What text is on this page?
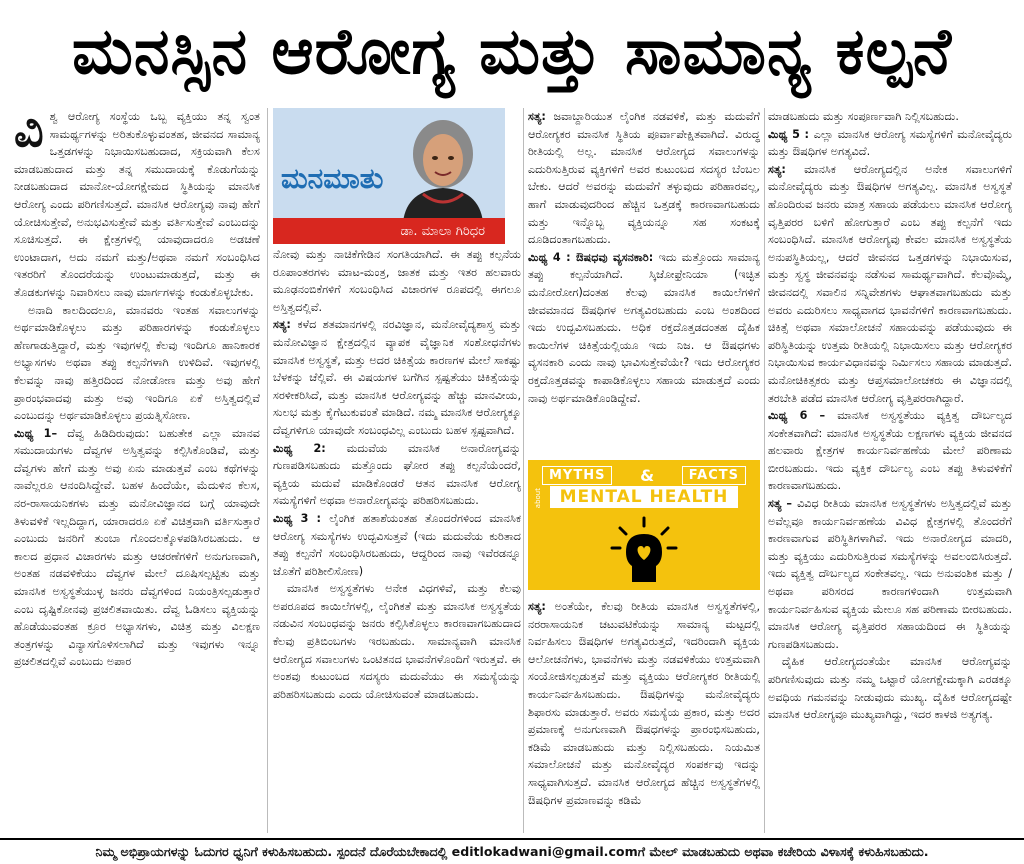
ಮನಸ್ಸಿನ ಆರೋಗ್ಯ ಮತ್ತು ಸಾಮಾನ್ಯ ಕಲ್ಪನೆ

ವಿಶ್ವ ಆರೋಗ್ಯ ಸಂಸ್ಥೆಯ ಒಬ್ಬ ವ್ಯಕ್ತಿಯು ತನ್ನ ಸ್ವಂತ ಸಾಮರ್ಥ್ಯಗಳನ್ನು ಅರಿತುಕೊಳ್ಳುವಂತಹ, ಜೀವನದ ಸಾಮಾನ್ಯ ಒತ್ತಡಗಳನ್ನು ನಿಭಾಯಿಸಬಹುದಾದ, ಸಕ್ರಿಯವಾಗಿ ಕೆಲಸ ಮಾಡಬಹುದಾದ ಮತ್ತು ತನ್ನ ಸಮುದಾಯಕ್ಕೆ ಕೊಡುಗೆಯನ್ನು ನೀಡಬಹುದಾದ ಮಾನೋ-ಯೋಗಕ್ಷೇಮದ ಸ್ಥಿತಿಯನ್ನು ಮಾನಸಿಕ ಆರೋಗ್ಯ ಎಂದು ಪರಿಗಣಿಸುತ್ತದೆ. ಮಾನಸಿಕ ಆರೋಗ್ಯವು ನಾವು ಹೇಗೆ ಯೋಚಿಸುತ್ತೇವೆ, ಅನುಭವಿಸುತ್ತೇವೆ ಮತ್ತು ವರ್ತಿಸುತ್ತೇವೆ ಎಂಬುದನ್ನು ಸೂಚಿಸುತ್ತದೆ. ಈ ಕ್ಷೇತ್ರಗಳಲ್ಲಿ ಯಾವುದಾದರೂ ಅಡಚಣೆ ಉಂಟಾದಾಗ, ಅದು ನಮಗೆ ಮತ್ತು/ಅಥವಾ ನಮಗೆ ಸಂಬಂಧಿಸಿದ ಇತರರಿಗೆ ತೊಂದರೆಯನ್ನು ಉಂಟುಮಾಡುತ್ತದೆ, ಮತ್ತು ಈ ತೊಡಕುಗಳನ್ನು ನಿವಾರಿಸಲು ನಾವು ಮಾರ್ಗಗಳನ್ನು ಕಂಡುಕೊಳ್ಳಬೇಕು.

ಅನಾದಿ ಕಾಲದಿಂದಲೂ, ಮಾನವರು ಇಂತಹ ಸವಾಲುಗಳನ್ನು ಅರ್ಥಮಾಡಿಕೊಳ್ಳಲು ಮತ್ತು ಪರಿಹಾರಗಳನ್ನು ಕಂಡುಕೊಳ್ಳಲು ಹೆಣಗಾಡುತ್ತಿದ್ದಾರೆ, ಮತ್ತು ಇವುಗಳಲ್ಲಿ ಕೆಲವು ಇಂದಿಗೂ ಹಾನಿಕಾರಕ ಅಭ್ಯಾಸಗಳು ಅಥವಾ ತಪ್ಪು ಕಲ್ಪನೆಗಳಾಗಿ ಉಳಿದಿವೆ. ಇವುಗಳಲ್ಲಿ ಕೆಲವನ್ನು ನಾವು ಹತ್ತಿರದಿಂದ ನೋಡೋಣ ಮತ್ತು ಅವು ಹೇಗೆ ಪ್ರಾರಂಭವಾದವು ಮತ್ತು ಅವು ಇಂದಿಗೂ ಏಕೆ ಅಸ್ತಿತ್ವದಲ್ಲಿವೆ ಎಂಬುದನ್ನು ಅರ್ಥಮಾಡಿಕೊಳ್ಳಲು ಪ್ರಯತ್ನಿಸೋಣ.

ಮಿಥ್ಯ 1– ದೆವ್ವ ಹಿಡಿದಿರುವುದು: ಬಹುತೇಕ ಎಲ್ಲಾ ಮಾನವ ಸಮುದಾಯಗಳು ದೆವ್ವಗಳ ಅಸ್ತಿತ್ವವನ್ನು ಕಲ್ಪಿಸಿಕೊಂಡಿವೆ, ಮತ್ತು ದೆವ್ವಗಳು ಹೇಗೆ ಮತ್ತು ಅವು ಏನು ಮಾಡುತ್ತವೆ ಎಂಬ ಕಥೆಗಳನ್ನು ನಾವೆಲ್ಲರೂ ಆನಂದಿಸಿದ್ದೇವೆ. ಬಹಳ ಹಿಂದೆಯೇ, ಮೆದುಳಿನ ಕೆಲಸ, ನರ-ರಾಸಾಯನಿಕಗಳು ಮತ್ತು ಮನೋವಿಜ್ಞಾನದ ಬಗ್ಗೆ ಯಾವುದೇ ತಿಳುವಳಿಕೆ ಇಲ್ಲದಿದ್ದಾಗ, ಯಾರಾದರೂ ಏಕೆ ವಿಚಿತ್ರವಾಗಿ ವರ್ತಿಸುತ್ತಾರೆ ಎಂಬುದು ಜನರಿಗೆ ತುಂಬಾ ಗೊಂದಲಕ್ಕೊಳಪಡಿಸಿರಬಹುದು. ಆ ಕಾಲದ ಪ್ರಧಾನ ವಿಚಾರಗಳು ಮತ್ತು ಆಚರಣೆಗಳಿಗೆ ಅನುಗುಣವಾಗಿ, ಅಂತಹ ನಡವಳಿಕೆಯು ದೆವ್ವಗಳ ಮೇಲೆ ದೂಷಿಸಲ್ಪಟ್ಟಿತು ಮತ್ತು ಮಾನಸಿಕ ಅಸ್ವಸ್ಥತೆಯುಳ್ಳ ಜನರು ದೆವ್ವಗಳಿಂದ ನಿಯಂತ್ರಿಸಲ್ಪಡುತ್ತಾರೆ ಎಂಬ ದೃಷ್ಟಿಕೋನವು ಪ್ರಚಲಿತವಾಯಿತು. ದೆವ್ವ ಓಡಿಸಲು ವ್ಯಕ್ತಿಯನ್ನು ಹೊಡೆಯುವಂತಹ ಕ್ರೂರ ಅಭ್ಯಾಸಗಳು, ವಿಚಿತ್ರ ಮತ್ತು ವಿಲಕ್ಷಣ ತಂತ್ರಗಳನ್ನು ವಿನ್ಯಾಸಗೊಳಿಸಲಾಗಿದೆ ಮತ್ತು ಇವುಗಳು ಇನ್ನೂ ಪ್ರಚಲಿತದಲ್ಲಿವೆ ಎಂಬುದು ಅಪಾರ

ಮನಮಾತು
ಡಾ. ಮಾಲಾ ಗಿರಿಧರ

ನೋವು ಮತ್ತು ನಾಚಿಕೆಗೇಡಿನ ಸಂಗತಿಯಾಗಿದೆ. ಈ ತಪ್ಪು ಕಲ್ಪನೆಯ ರೂಪಾಂತರಗಳು ಮಾಟ-ಮಂತ್ರ, ಜಾತಕ ಮತ್ತು ಇತರ ಹಲವಾರು ಮೂಢನಂಬಿಕೆಗಳಿಗೆ ಸಂಬಂಧಿಸಿದ ವಿಚಾರಗಳ ರೂಪದಲ್ಲಿ ಈಗಲೂ ಅಸ್ತಿತ್ವದಲ್ಲಿವೆ.

ಸತ್ಯ: ಕಳೆದ ಶತಮಾನಗಳಲ್ಲಿ ನರವಿಜ್ಞಾನ, ಮನೋವೈದ್ಯಶಾಸ್ತ್ರ ಮತ್ತು ಮನೋವಿಜ್ಞಾನ ಕ್ಷೇತ್ರದಲ್ಲಿನ ವ್ಯಾಪಕ ವೈಜ್ಞಾನಿಕ ಸಂಶೋಧನೆಗಳು ಮಾನಸಿಕ ಅಸ್ವಸ್ಥತೆ, ಮತ್ತು ಅದರ ಚಿಕಿತ್ಸೆಯ ಕಾರಣಗಳ ಮೇಲೆ ಸಾಕಷ್ಟು ಬೆಳಕನ್ನು ಚೆಲ್ಲಿವೆ. ಈ ವಿಷಯಗಳ ಬಗೆಗಿನ ಸ್ಪಷ್ಟತೆಯು ಚಿಕಿತ್ಸೆಯನ್ನು ಸರಳೀಕರಿಸಿದೆ, ಮತ್ತು ಮಾನಸಿಕ ಆರೋಗ್ಯವನ್ನು ಹೆಚ್ಚು ಮಾನವೀಯ, ಸುಲಭ ಮತ್ತು ಕೈಗೆಟುಕುವಂತೆ ಮಾಡಿದೆ. ನಮ್ಮ ಮಾನಸಿಕ ಆರೋಗ್ಯಕ್ಕೂ ದೆವ್ವಗಳಿಗೂ ಯಾವುದೇ ಸಂಬಂಧವಿಲ್ಲ ಎಂಬುದು ಬಹಳ ಸ್ಪಷ್ಟವಾಗಿದೆ.

ಮಿಥ್ಯ 2: ಮದುವೆಯ ಮಾನಸಿಕ ಅನಾರೋಗ್ಯವನ್ನು ಗುಣಪಡಿಸಬಹುದು ಮತ್ತೊಂದು ಘೋರ ತಪ್ಪು ಕಲ್ಪನೆಯೆಂದರೆ, ವ್ಯಕ್ತಿಯ ಮದುವೆ ಮಾಡಿಕೊಂಡರೆ ಆತನ ಮಾನಸಿಕ ಆರೋಗ್ಯ ಸಮಸ್ಯೆಗಳಿಗೆ ಅಥವಾ ಅನಾರೋಗ್ಯವನ್ನು ಪರಿಹರಿಸಬಹುದು.

ಮಿಥ್ಯ 3 : ಲೈಂಗಿಕ ಹತಾಶೆಯಂತಹ ತೊಂದರೆಗಳಿಂದ ಮಾನಸಿಕ ಆರೋಗ್ಯ ಸಮಸ್ಯೆಗಳು ಉದ್ಭವಿಸುತ್ತವೆ (ಇದು ಮದುವೆಯ ಕುರಿತಾದ ತಪ್ಪು ಕಲ್ಪನೆಗೆ ಸಂಬಂಧಿಸಿರಬಹುದು, ಆದ್ದರಿಂದ ನಾವು ಇವೆರಡನ್ನೂ ಜೊತೆಗೆ ಪರಿಶೀಲಿಸೋಣ)

ಮಾನಸಿಕ ಅಸ್ವಸ್ಥತೆಗಳು ಅನೇಕ ವಿಧಗಳಿವೆ, ಮತ್ತು ಕೆಲವು ಅಪರೂಪದ ಕಾಯಿಲೆಗಳಲ್ಲಿ, ಲೈಂಗಿಕತೆ ಮತ್ತು ಮಾನಸಿಕ ಅಸ್ವಸ್ಥತೆಯ ನಡುವಿನ ಸಂಬಂಧವನ್ನು ಜನರು ಕಲ್ಪಿಸಿಕೊಳ್ಳಲು ಕಾರಣವಾಗಬಹುದಾದ ಕೆಲವು ಪ್ರತಿಬಿಂಬಗಳು ಇರಬಹುದು. ಸಾಮಾನ್ಯವಾಗಿ ಮಾನಸಿಕ ಆರೋಗ್ಯದ ಸವಾಲುಗಳು ಒಂಟಿತನದ ಭಾವನೆಗಳೊಂದಿಗೆ ಇರುತ್ತವೆ. ಈ ಅಂಶವು ಕುಟುಂಬದ ಸದಸ್ಯರು ಮದುವೆಯು ಈ ಸಮಸ್ಯೆಯನ್ನು ಪರಿಹರಿಸಬಹುದು ಎಂದು ಯೋಚಿಸುವಂತೆ ಮಾಡಬಹುದು.

ಸತ್ಯ: ಜವಾಬ್ದಾರಿಯುತ ಲೈಂಗಿಕ ನಡವಳಿಕೆ, ಮತ್ತು ಮದುವೆಗೆ ಆರೋಗ್ಯಕರ ಮಾನಸಿಕ ಸ್ಥಿತಿಯ ಪೂರ್ವಾಪೇಕ್ಷಿತವಾಗಿದೆ. ವಿರುದ್ಧ ರೀತಿಯಲ್ಲಿ ಅಲ್ಲ. ಮಾನಸಿಕ ಆರೋಗ್ಯದ ಸವಾಲುಗಳನ್ನು ಎದುರಿಸುತ್ತಿರುವ ವ್ಯಕ್ತಿಗಳಿಗೆ ಅವರ ಕುಟುಂಬದ ಸದಸ್ಯರ ಬೆಂಬಲ ಬೇಕು. ಆದರೆ ಅವರನ್ನು ಮದುವೆಗೆ ತಳ್ಳುವುದು ಪರಿಹಾರವಲ್ಲ, ಹಾಗೆ ಮಾಡುವುದರಿಂದ ಹೆಚ್ಚಿನ ಒತ್ತಡಕ್ಕೆ ಕಾರಣವಾಗಬಹುದು ಮತ್ತು ಇನ್ನೊಬ್ಬ ವ್ಯಕ್ತಿಯನ್ನೂ ಸಹ ಸಂಕಟಕ್ಕೆ ದೂಡಿದಂತಾಗಬಹುದು.

ಮಿಥ್ಯ 4 : ಔಷಧವು ವ್ಯಸನಕಾರಿ: ಇದು ಮತ್ತೊಂದು ಸಾಮಾನ್ಯ ತಪ್ಪು ಕಲ್ಪನೆಯಾಗಿದೆ. ಸ್ಕಿಜೋಫ್ರೇನಿಯಾ (ಇಚ್ಛಿತ ಮನೋರೋಗ)ದಂತಹ ಕೆಲವು ಮಾನಸಿಕ ಕಾಯಿಲೆಗಳಿಗೆ ಜೀವಮಾನದ ಔಷಧಿಗಳ ಅಗತ್ಯವಿರಬಹುದು ಎಂಬ ಅಂಶದಿಂದ ಇದು ಉದ್ಭವಿಸಬಹುದು. ಅಧಿಕ ರಕ್ತದೊತ್ತಡದಂತಹ ದೈಹಿಕ ಕಾಯಿಲೆಗಳ ಚಿಕಿತ್ಸೆಯಲ್ಲಿಯೂ ಇದು ನಿಜ. ಆ ಔಷಧಗಳು ವ್ಯಸನಕಾರಿ ಎಂದು ನಾವು ಭಾವಿಸುತ್ತೇವೆಯೇ? ಇದು ಆರೋಗ್ಯಕರ ರಕ್ತದೊತ್ತಡವನ್ನು ಕಾಪಾಡಿಕೊಳ್ಳಲು ಸಹಾಯ ಮಾಡುತ್ತದೆ ಎಂದು ನಾವು ಅರ್ಥಮಾಡಿಕೊಂಡಿದ್ದೇವೆ.

ಸತ್ಯ: ಅಂತೆಯೇ, ಕೆಲವು ರೀತಿಯ ಮಾನಸಿಕ ಅಸ್ವಸ್ಥತೆಗಳಲ್ಲಿ, ನರರಾಸಾಯನಿಕ ಚಟುವಟಿಕೆಯನ್ನು ಸಾಮಾನ್ಯ ಮಟ್ಟದಲ್ಲಿ ನಿರ್ವಹಿಸಲು ಔಷಧಿಗಳ ಅಗತ್ಯವಿರುತ್ತದೆ, ಇದರಿಂದಾಗಿ ವ್ಯಕ್ತಿಯ ಆಲೋಚನೆಗಳು, ಭಾವನೆಗಳು ಮತ್ತು ನಡವಳಿಕೆಯು ಉತ್ತಮವಾಗಿ ಸಂಯೋಜಿಸಲ್ಪಡುತ್ತವೆ ಮತ್ತು ವ್ಯಕ್ತಿಯು ಆರೋಗ್ಯಕರ ರೀತಿಯಲ್ಲಿ ಕಾರ್ಯನಿರ್ವಹಿಸಬಹುದು. ಔಷಧಿಗಳನ್ನು ಮನೋವೈದ್ಯರು ಶಿಫಾರಸು ಮಾಡುತ್ತಾರೆ. ಅವರು ಸಮಸ್ಯೆಯ ಪ್ರಕಾರ, ಮತ್ತು ಅದರ ಪ್ರಮಾಣಕ್ಕೆ ಅನುಗುಣವಾಗಿ ಔಷಧಗಳನ್ನು ಪ್ರಾರಂಭಿಸಬಹುದು, ಕಡಿಮೆ ಮಾಡಬಹುದು ಮತ್ತು ನಿಲ್ಲಿಸಬಹುದು. ನಿಯಮಿತ ಸಮಾಲೋಚನೆ ಮತ್ತು ಮನೋವೈದ್ಯರ ಸಂಪರ್ಕವು ಇದನ್ನು ಸಾಧ್ಯವಾಗಿಸುತ್ತದೆ. ಮಾನಸಿಕ ಆರೋಗ್ಯದ ಹೆಚ್ಚಿನ ಅಸ್ವಸ್ಥತೆಗಳಲ್ಲಿ ಔಷಧಿಗಳ ಪ್ರಮಾಣವನ್ನು ಕಡಿಮೆ

MYTHS	&	FACTS
about	MENTAL HEALTH

ಮಾಡಬಹುದು ಮತ್ತು ಸಂಪೂರ್ಣವಾಗಿ ನಿಲ್ಲಿಸಬಹುದು.

ಮಿಥ್ಯ 5 : ಎಲ್ಲಾ ಮಾನಸಿಕ ಆರೋಗ್ಯ ಸಮಸ್ಯೆಗಳಿಗೆ ಮನೋವೈದ್ಯರು ಮತ್ತು ಔಷಧಿಗಳ ಅಗತ್ಯವಿದೆ.

ಸತ್ಯ: ಮಾನಸಿಕ ಆರೋಗ್ಯದಲ್ಲಿನ ಅನೇಕ ಸವಾಲುಗಳಿಗೆ ಮನೋವೈದ್ಯರು ಮತ್ತು ಔಷಧಿಗಳ ಅಗತ್ಯವಿಲ್ಲ. ಮಾನಸಿಕ ಅಸ್ವಸ್ಥತೆ ಹೊಂದಿರುವ ಜನರು ಮಾತ್ರ ಸಹಾಯ ಪಡೆಯಲು ಮಾನಸಿಕ ಆರೋಗ್ಯ ವೃತ್ತಿಪರರ ಬಳಿಗೆ ಹೋಗುತ್ತಾರೆ ಎಂಬ ತಪ್ಪು ಕಲ್ಪನೆಗೆ ಇದು ಸಂಬಂಧಿಸಿದೆ. ಮಾನಸಿಕ ಆರೋಗ್ಯವು ಕೇವಲ ಮಾನಸಿಕ ಅಸ್ವಸ್ಥತೆಯ ಅನುಪಸ್ಥಿತಿಯಲ್ಲ, ಆದರೆ ಜೀವನದ ಒತ್ತಡಗಳನ್ನು ನಿಭಾಯಿಸುವ, ಮತ್ತು ಸ್ವಸ್ಥ ಜೀವನವನ್ನು ನಡೆಸುವ ಸಾಮರ್ಥ್ಯವಾಗಿದೆ. ಕೆಲವೊಮ್ಮೆ, ಜೀವನದಲ್ಲಿ ಸವಾಲಿನ ಸನ್ನಿವೇಶಗಳು ಆಘಾತವಾಗಬಹುದು ಮತ್ತು ಅವರು ಎದುರಿಸಲು ಸಾಧ್ಯವಾಗದ ಭಾವನೆಗಳಿಗೆ ಕಾರಣವಾಗಬಹುದು. ಚಿಕಿತ್ಸೆ ಅಥವಾ ಸಮಾಲೋಚನೆ ಸಹಾಯವನ್ನು ಪಡೆಯುವುದು ಈ ಪರಿಸ್ಥಿತಿಯನ್ನು ಉತ್ತಮ ರೀತಿಯಲ್ಲಿ ನಿಭಾಯಿಸಲು ಮತ್ತು ಆರೋಗ್ಯಕರ ನಿಭಾಯಿಸುವ ಕಾರ್ಯವಿಧಾನವನ್ನು ನಿರ್ಮಿಸಲು ಸಹಾಯ ಮಾಡುತ್ತದೆ. ಮನೋಚಿಕಿತ್ಸಕರು ಮತ್ತು ಆಪ್ತಸಮಾಲೋಚಕರು ಈ ವಿಜ್ಞಾನದಲ್ಲಿ ತರಬೇತಿ ಪಡೆದ ಮಾನಸಿಕ ಆರೋಗ್ಯ ವೃತ್ತಿಪರರಾಗಿದ್ದಾರೆ.

ಮಿಥ್ಯ 6 – ಮಾನಸಿಕ ಅಸ್ವಸ್ಥತೆಯು ವ್ಯಕ್ತಿತ್ವ ದೌರ್ಬಲ್ಯದ ಸಂಕೇತವಾಗಿದೆ: ಮಾನಸಿಕ ಅಸ್ವಸ್ಥತೆಯ ಲಕ್ಷಣಗಳು ವ್ಯಕ್ತಿಯ ಜೀವನದ ಹಲವಾರು ಕ್ಷೇತ್ರಗಳ ಕಾರ್ಯನಿರ್ವಹಣೆಯ ಮೇಲೆ ಪರಿಣಾಮ ಬೀರಬಹುದು. ಇದು ವ್ಯಕ್ತಿಕ ದೌರ್ಬಲ್ಯ ಎಂಬ ತಪ್ಪು ತಿಳುವಳಿಕೆಗೆ ಕಾರಣವಾಗಬಹುದು.

ಸತ್ಯ – ವಿವಿಧ ರೀತಿಯ ಮಾನಸಿಕ ಅಸ್ವಸ್ಥತೆಗಳು ಅಸ್ತಿತ್ವದಲ್ಲಿವೆ ಮತ್ತು ಅವೆಲ್ಲವೂ ಕಾರ್ಯನಿರ್ವಹಣೆಯ ವಿವಿಧ ಕ್ಷೇತ್ರಗಳಲ್ಲಿ ತೊಂದರೆಗೆ ಕಾರಣವಾಗುವ ಪರಿಸ್ಥಿತಿಗಳಾಗಿವೆ. ಇದು ಅನಾರೋಗ್ಯದ ಮಾದರಿ, ಮತ್ತು ವ್ಯಕ್ತಿಯು ಎದುರಿಸುತ್ತಿರುವ ಸಮಸ್ಯೆಗಳನ್ನು ಅವಲಂಬಿಸಿರುತ್ತದೆ. ಇದು ವ್ಯಕ್ತಿತ್ವ ದೌರ್ಬಲ್ಯದ ಸಂಕೇತವಲ್ಲ. ಇದು ಅನುವಂಶಿಕ ಮತ್ತು / ಅಥವಾ ಪರಿಸರದ ಕಾರಣಗಳಿಂದಾಗಿ ಉತ್ತಮವಾಗಿ ಕಾರ್ಯನಿರ್ವಹಿಸುವ ವ್ಯಕ್ತಿಯ ಮೇಲೂ ಸಹ ಪರಿಣಾಮ ಬೀರಬಹುದು. ಮಾನಸಿಕ ಆರೋಗ್ಯ ವೃತ್ತಿಪರರ ಸಹಾಯದಿಂದ ಈ ಸ್ಥಿತಿಯನ್ನು ಗುಣಪಡಿಸಬಹುದು.

ದೈಹಿಕ ಆರೋಗ್ಯದಂತೆಯೇ ಮಾನಸಿಕ ಆರೋಗ್ಯವನ್ನು ಪರಿಗಣಿಸುವುದು ಮತ್ತು ನಮ್ಮ ಒಟ್ಟಾರೆ ಯೋಗಕ್ಷೇಮಕ್ಕಾಗಿ ಎರಡಕ್ಕೂ ಅವಧಿಯ ಗಮನವನ್ನು ನೀಡುವುದು ಮುಖ್ಯ. ದೈಹಿಕ ಆರೋಗ್ಯದಷ್ಟೇ ಮಾನಸಿಕ ಆರೋಗ್ಯವೂ ಮುಖ್ಯವಾಗಿದ್ದು, ಇದರ ಕಾಳಜಿ ಅತ್ಯಗತ್ಯ.

ನಿಮ್ಮ ಅಭಿಪ್ರಾಯಗಳನ್ನು ಓದುಗರ ಧ್ವನಿಗೆ ಕಳುಹಿಸಬಹುದು. ಸ್ಪಂದನೆ ದೊರೆಯಬೇಕಾದಲ್ಲಿ editlokadwani@gmail.comಗೆ ಮೇಲ್ ಮಾಡಬಹುದು ಅಥವಾ ಕಚೇರಿಯ ವಿಳಾಸಕ್ಕೆ ಕಳುಹಿಸಬಹುದು.
